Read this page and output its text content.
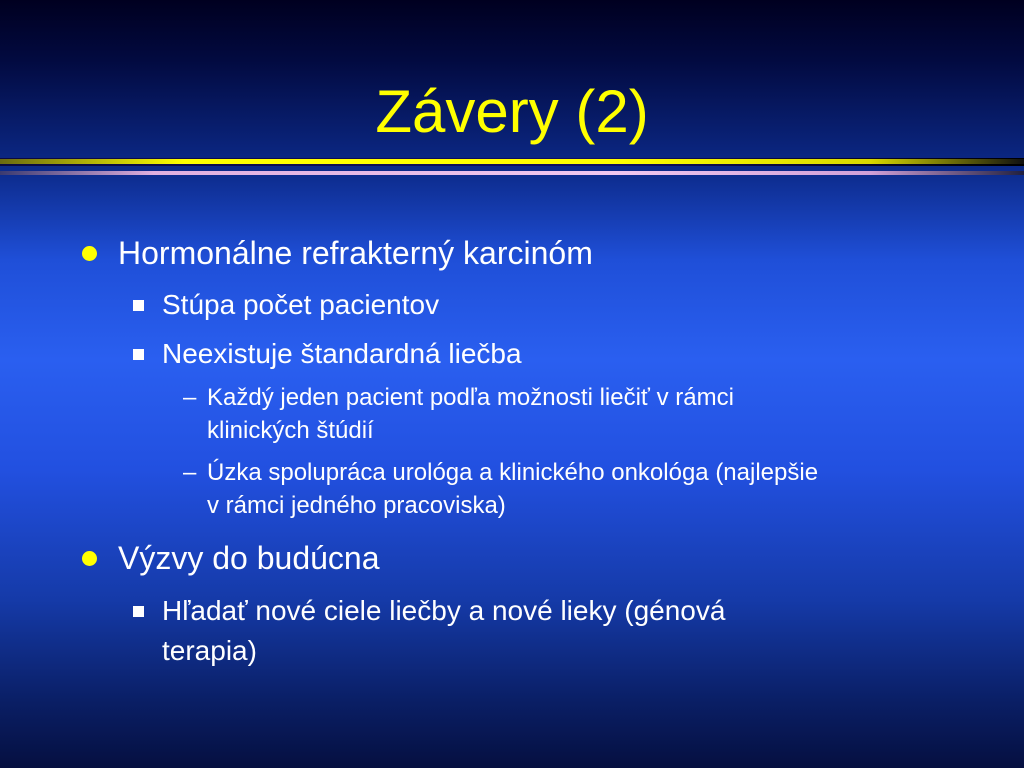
Závery (2)
Hormonálne refrakterný karcinóm
Stúpa počet pacientov
Neexistuje štandardná liečba
– Každý jeden pacient podľa možnosti liečiť v rámci
klinických štúdií
– Úzka spolupráca urológa a klinického onkológa (najlepšie
v rámci jedného pracoviska)
Výzvy do budúcna
Hľadať nové ciele liečby a nové lieky (génová
terapia)
